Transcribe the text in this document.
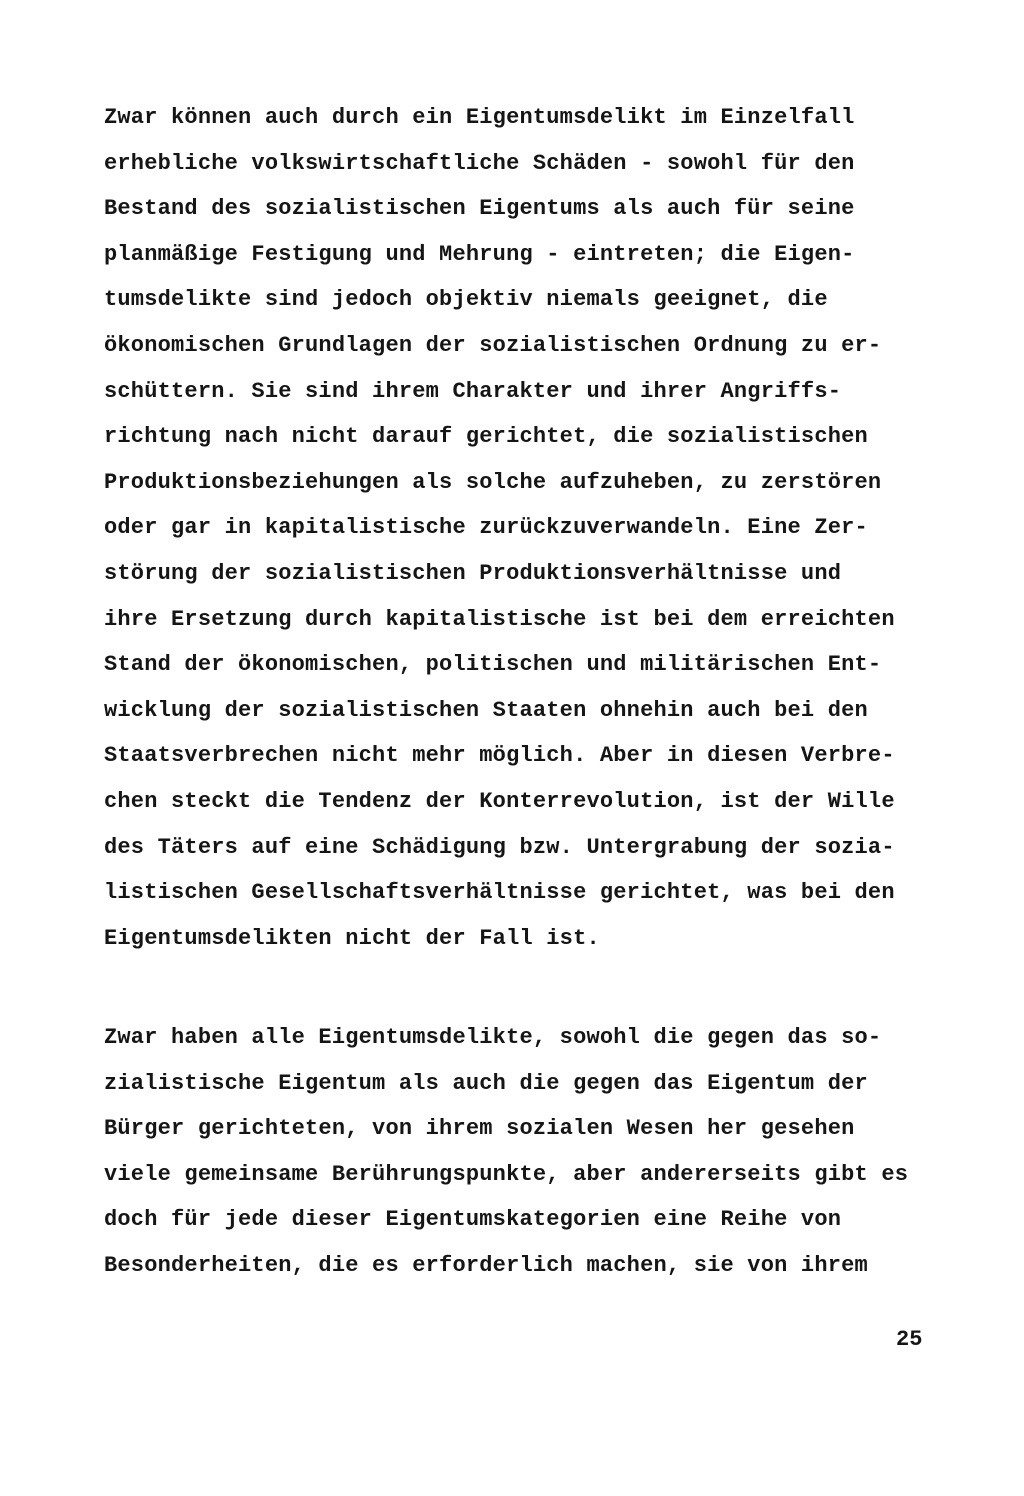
Zwar können auch durch ein Eigentumsdelikt im Einzelfall
erhebliche volkswirtschaftliche Schäden - sowohl für den
Bestand des sozialistischen Eigentums als auch für seine
planmäßige Festigung und Mehrung - eintreten; die Eigen-
tumsdelikte sind jedoch objektiv niemals geeignet, die
ökonomischen Grundlagen der sozialistischen Ordnung zu er-
schüttern. Sie sind ihrem Charakter und ihrer Angriffs-
richtung nach nicht darauf gerichtet, die sozialistischen
Produktionsbeziehungen als solche aufzuheben, zu zerstören
oder gar in kapitalistische zurückzuverwandeln. Eine Zer-
störung der sozialistischen Produktionsverhältnisse und
ihre Ersetzung durch kapitalistische ist bei dem erreichten
Stand der ökonomischen, politischen und militärischen Ent-
wicklung der sozialistischen Staaten ohnehin auch bei den
Staatsverbrechen nicht mehr möglich. Aber in diesen Verbre-
chen steckt die Tendenz der Konterrevolution, ist der Wille
des Täters auf eine Schädigung bzw. Untergrabung der sozia-
listischen Gesellschaftsverhältnisse gerichtet, was bei den
Eigentumsdelikten nicht der Fall ist.
Zwar haben alle Eigentumsdelikte, sowohl die gegen das so-
zialistische Eigentum als auch die gegen das Eigentum der
Bürger gerichteten, von ihrem sozialen Wesen her gesehen
viele gemeinsame Berührungspunkte, aber andererseits gibt es
doch für jede dieser Eigentumskategorien eine Reihe von
Besonderheiten, die es erforderlich machen, sie von ihrem
25
